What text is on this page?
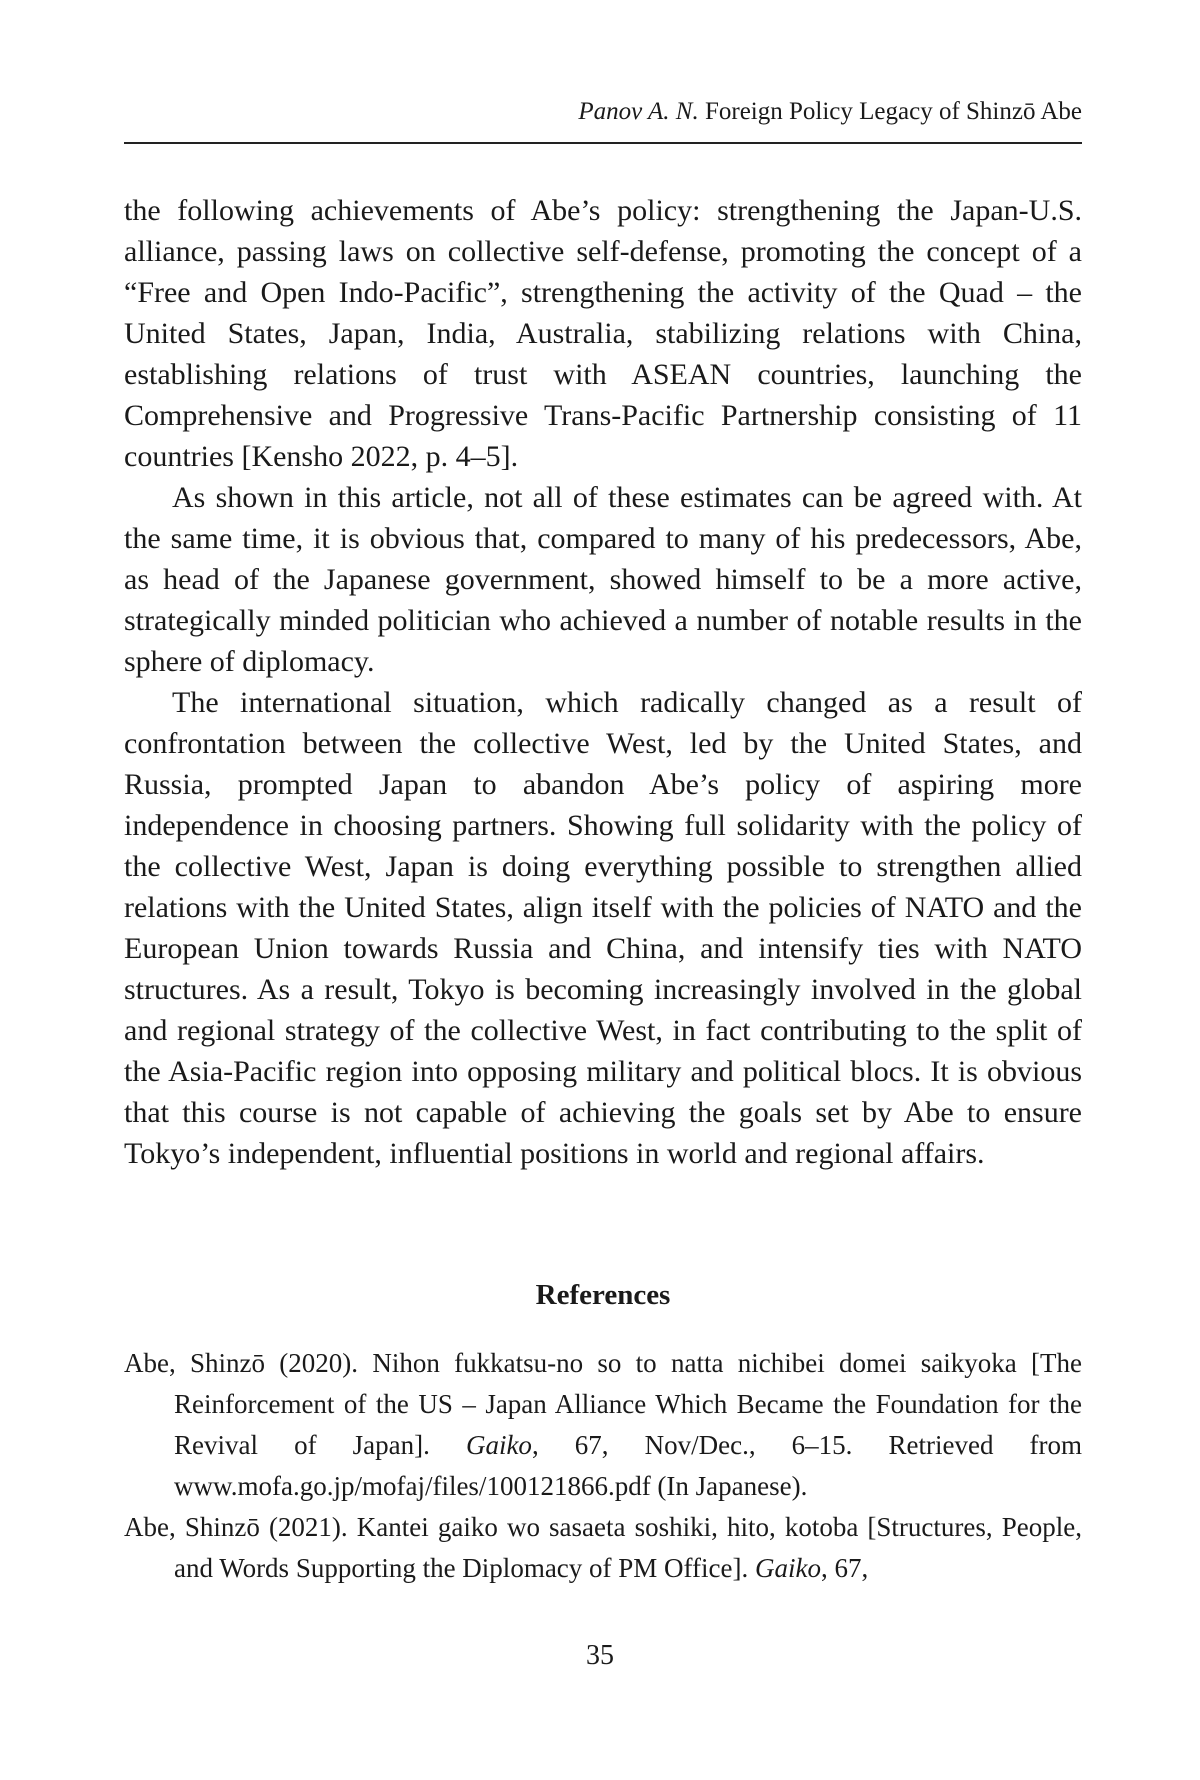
Panov A. N. Foreign Policy Legacy of Shinzō Abe

the following achievements of Abe’s policy: strengthening the Japan-U.S. alliance, passing laws on collective self-defense, promoting the concept of a “Free and Open Indo-Pacific”, strengthening the activity of the Quad – the United States, Japan, India, Australia, stabilizing relations with China, establishing relations of trust with ASEAN countries, launching the Comprehensive and Progressive Trans-Pacific Partnership consisting of 11 countries [Kensho 2022, p. 4–5].

As shown in this article, not all of these estimates can be agreed with. At the same time, it is obvious that, compared to many of his predecessors, Abe, as head of the Japanese government, showed himself to be a more active, strategically minded politician who achieved a number of notable results in the sphere of diplomacy.

The international situation, which radically changed as a result of confrontation between the collective West, led by the United States, and Russia, prompted Japan to abandon Abe’s policy of aspiring more independence in choosing partners. Showing full solidarity with the policy of the collective West, Japan is doing everything possible to strengthen allied relations with the United States, align itself with the policies of NATO and the European Union towards Russia and China, and intensify ties with NATO structures. As a result, Tokyo is becoming increasingly involved in the global and regional strategy of the collective West, in fact contributing to the split of the Asia-Pacific region into opposing military and political blocs. It is obvious that this course is not capable of achieving the goals set by Abe to ensure Tokyo’s independent, influential positions in world and regional affairs.

References

Abe, Shinzō (2020). Nihon fukkatsu-no so to natta nichibei domei saikyoka [The Reinforcement of the US – Japan Alliance Which Became the Foundation for the Revival of Japan]. Gaiko, 67, Nov/Dec., 6–15. Retrieved from www.mofa.go.jp/mofaj/files/100121866.pdf (In Japanese).

Abe, Shinzō (2021). Kantei gaiko wo sasaeta soshiki, hito, kotoba [Structures, People, and Words Supporting the Diplomacy of PM Office]. Gaiko, 67,

35
